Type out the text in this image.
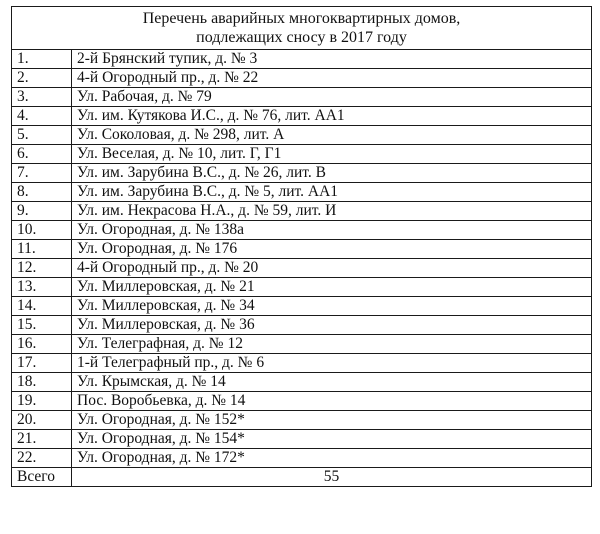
Перечень аварийных многоквартирных домов,
подлежащих сносу в 2017 году	

1.	2-й Брянский тупик, д. № 3
2.	4-й Огородный пр., д. № 22
3.	Ул. Рабочая, д. № 79
4.	Ул. им. Кутякова И.С., д. № 76, лит. АА1
5.	Ул. Соколовая, д. № 298, лит. А
6.	Ул. Веселая, д. № 10, лит. Г, Г1
7.	Ул. им. Зарубина В.С., д. № 26, лит. В
8.	Ул. им. Зарубина В.С., д. № 5, лит. АА1
9.	Ул. им. Некрасова Н.А., д. № 59, лит. И
10.	Ул. Огородная, д. № 138а
11.	Ул. Огородная, д. № 176
12.	4-й Огородный пр., д. № 20
13.	Ул. Миллеровская, д. № 21
14.	Ул. Миллеровская, д. № 34
15.	Ул. Миллеровская, д. № 36
16.	Ул. Телеграфная, д. № 12
17.	1-й Телеграфный пр., д. № 6
18.	Ул. Крымская, д. № 14
19.	Пос. Воробьевка, д. № 14
20.	Ул. Огородная, д. № 152*
21.	Ул. Огородная, д. № 154*
22.	Ул. Огородная, д. № 172*
Всего	55
